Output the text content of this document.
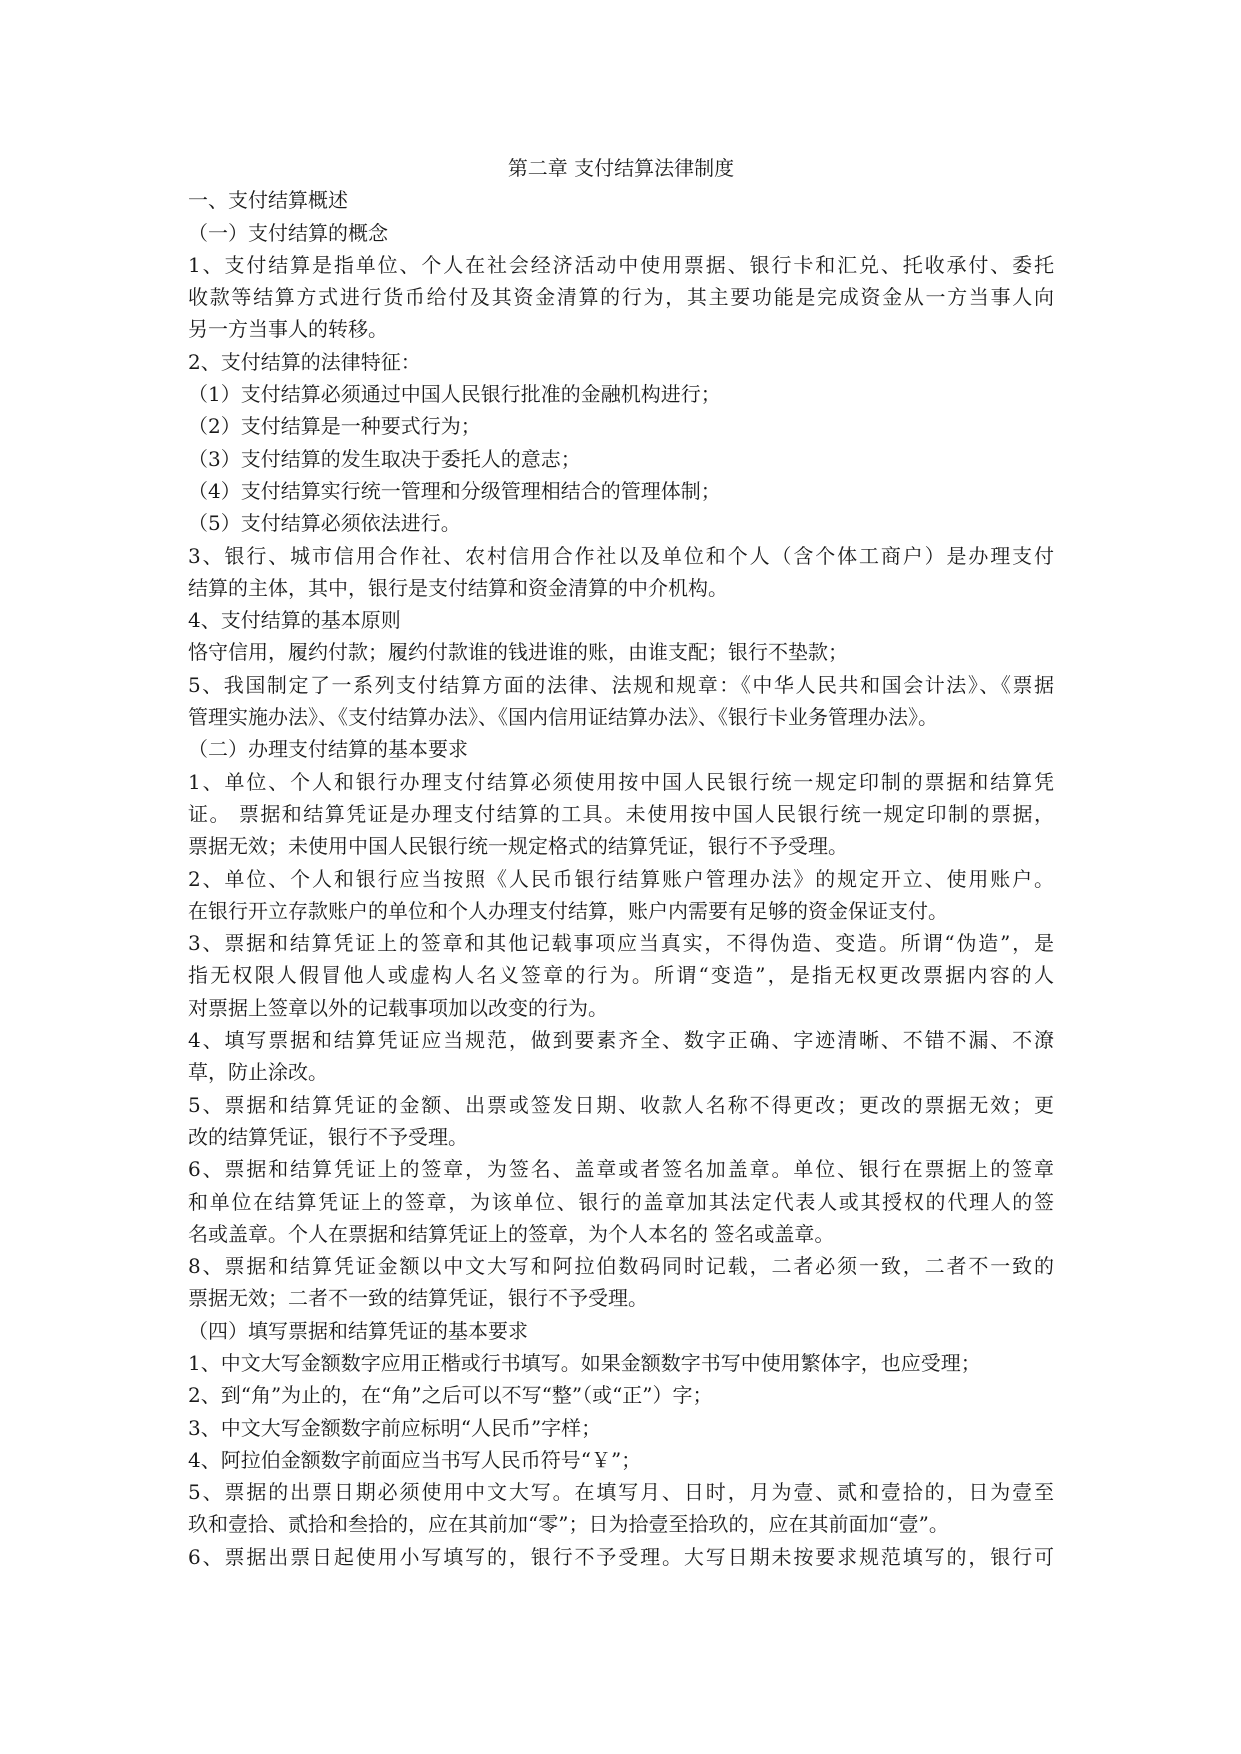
第二章 支付结算法律制度

一、支付结算概述

（一）支付结算的概念

1、支付结算是指单位、个人在社会经济活动中使用票据、银行卡和汇兑、托收承付、委托

收款等结算方式进行货币给付及其资金清算的行为，其主要功能是完成资金从一方当事人向

另一方当事人的转移。

2、支付结算的法律特征：

（1）支付结算必须通过中国人民银行批准的金融机构进行；

（2）支付结算是一种要式行为；

（3）支付结算的发生取决于委托人的意志；

（4）支付结算实行统一管理和分级管理相结合的管理体制；

（5）支付结算必须依法进行。

3、银行、城市信用合作社、农村信用合作社以及单位和个人（含个体工商户）是办理支付

结算的主体，其中，银行是支付结算和资金清算的中介机构。

4、支付结算的基本原则

恪守信用，履约付款；履约付款谁的钱进谁的账，由谁支配；银行不垫款；

5、我国制定了一系列支付结算方面的法律、法规和规章：《中华人民共和国会计法》、《票据

管理实施办法》、《支付结算办法》、《国内信用证结算办法》、《银行卡业务管理办法》。

（二）办理支付结算的基本要求

1、单位、个人和银行办理支付结算必须使用按中国人民银行统一规定印制的票据和结算凭

证。 票据和结算凭证是办理支付结算的工具。未使用按中国人民银行统一规定印制的票据，

票据无效；未使用中国人民银行统一规定格式的结算凭证，银行不予受理。

2、单位、个人和银行应当按照《人民币银行结算账户管理办法》的规定开立、使用账户。

在银行开立存款账户的单位和个人办理支付结算，账户内需要有足够的资金保证支付。

3、票据和结算凭证上的签章和其他记载事项应当真实，不得伪造、变造。所谓“伪造”，是

指无权限人假冒他人或虚构人名义签章的行为。所谓“变造”，是指无权更改票据内容的人

对票据上签章以外的记载事项加以改变的行为。

4、填写票据和结算凭证应当规范，做到要素齐全、数字正确、字迹清晰、不错不漏、不潦

草，防止涂改。

5、票据和结算凭证的金额、出票或签发日期、收款人名称不得更改；更改的票据无效；更

改的结算凭证，银行不予受理。

6、票据和结算凭证上的签章，为签名、盖章或者签名加盖章。单位、银行在票据上的签章

和单位在结算凭证上的签章，为该单位、银行的盖章加其法定代表人或其授权的代理人的签

名或盖章。个人在票据和结算凭证上的签章，为个人本名的 签名或盖章。

8、票据和结算凭证金额以中文大写和阿拉伯数码同时记载，二者必须一致，二者不一致的

票据无效；二者不一致的结算凭证，银行不予受理。

（四）填写票据和结算凭证的基本要求

1、中文大写金额数字应用正楷或行书填写。如果金额数字书写中使用繁体字，也应受理；

2、到“角”为止的，在“角”之后可以不写“整”（或“正”）字；

3、中文大写金额数字前应标明“人民币”字样；

4、阿拉伯金额数字前面应当书写人民币符号“￥”；

5、票据的出票日期必须使用中文大写。在填写月、日时，月为壹、贰和壹拾的，日为壹至

玖和壹拾、贰拾和叁拾的，应在其前加“零”；日为拾壹至拾玖的，应在其前面加“壹”。

6、票据出票日起使用小写填写的，银行不予受理。大写日期未按要求规范填写的，银行可
